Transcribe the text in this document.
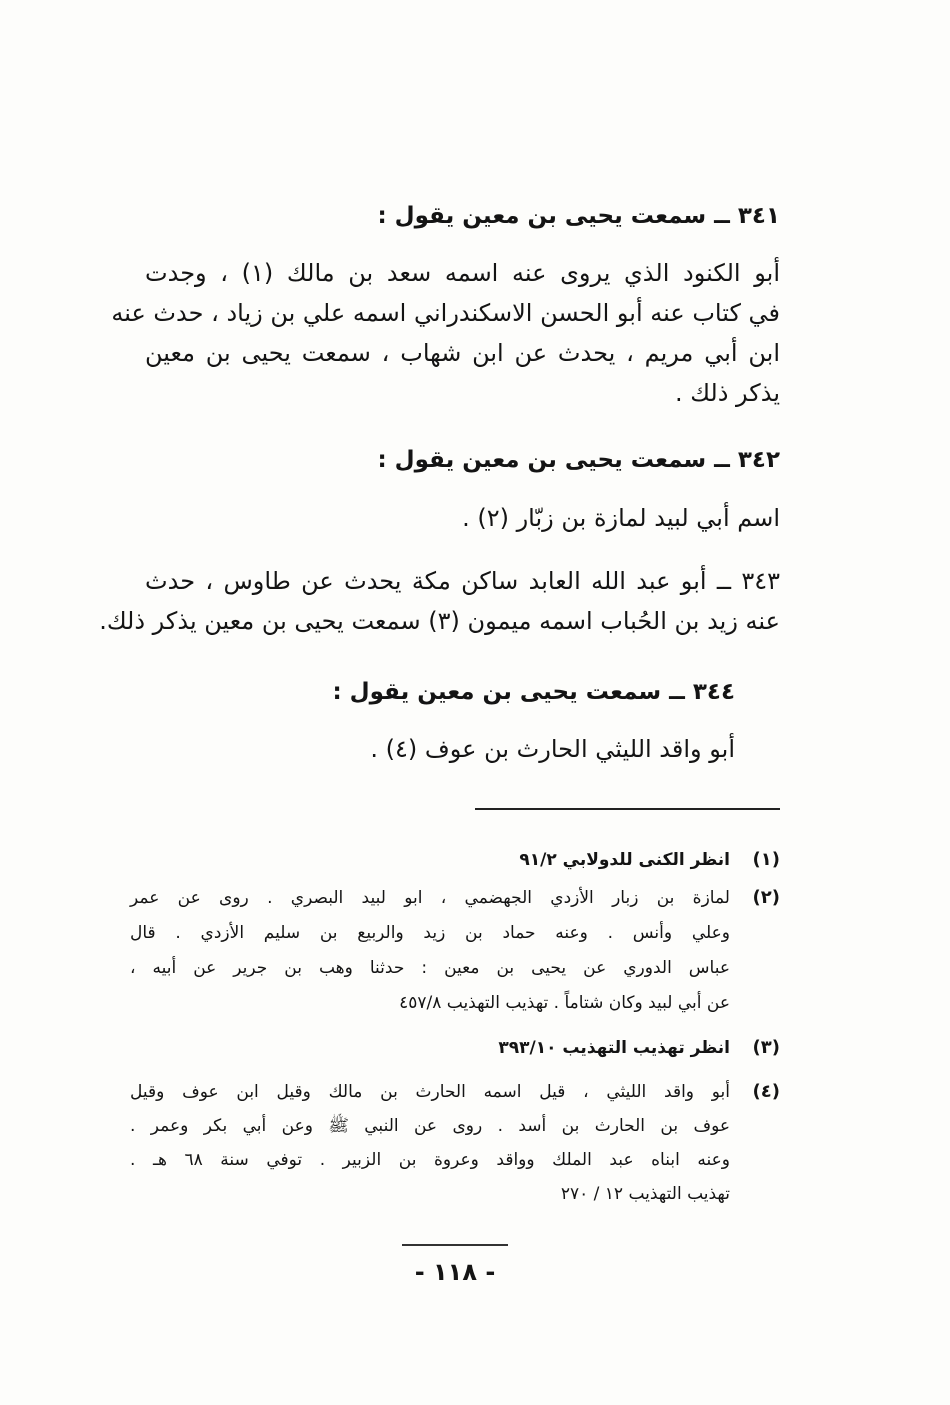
٣٤١ ــ سمعت يحيى بن معين يقول :
أبو الكنود الذي يروى عنه اسمه سعد بن مالك (١) ، وجدت
في كتاب عنه أبو الحسن الاسكندراني اسمه علي بن زياد ، حدث عنه
ابن أبي مريم ، يحدث عن ابن شهاب ، سمعت يحيى بن معين
يذكر ذلك .
٣٤٢ ــ سمعت يحيى بن معين يقول :
اسم أبي لبيد لمازة بن زبّار (٢) .
٣٤٣ ــ أبو عبد الله العابد ساكن مكة يحدث عن طاوس ، حدث
عنه زيد بن الحُباب اسمه ميمون (٣) سمعت يحيى بن معين يذكر ذلك.
٣٤٤ ــ سمعت يحيى بن معين يقول :
أبو واقد الليثي الحارث بن عوف (٤) .
(١)
انظر الكنى للدولابي ٩١/٢
(٢)
لمازة بن زبار الأزدي الجهضمي ، ابو لبيد البصري . روى عن عمر
وعلي وأنس . وعنه حماد بن زيد والربيع بن سليم الأزدي . قال
عباس الدوري عن يحيى بن معين : حدثنا وهب بن جرير عن أبيه ،
عن أبي لبيد وكان شتاماً . تهذيب التهذيب ٤٥٧/٨
(٣)
انظر تهذيب التهذيب ٣٩٣/١٠
(٤)
أبو واقد الليثي ، قيل اسمه الحارث بن مالك وقيل ابن عوف وقيل
عوف بن الحارث بن أسد . روى عن النبي ﷺ وعن أبي بكر وعمر .
وعنه ابناه عبد الملك وواقد وعروة بن الزبير . توفي سنة ٦٨ هـ .
تهذيب التهذيب ١٢ / ٢٧٠
- ١١٨ -
